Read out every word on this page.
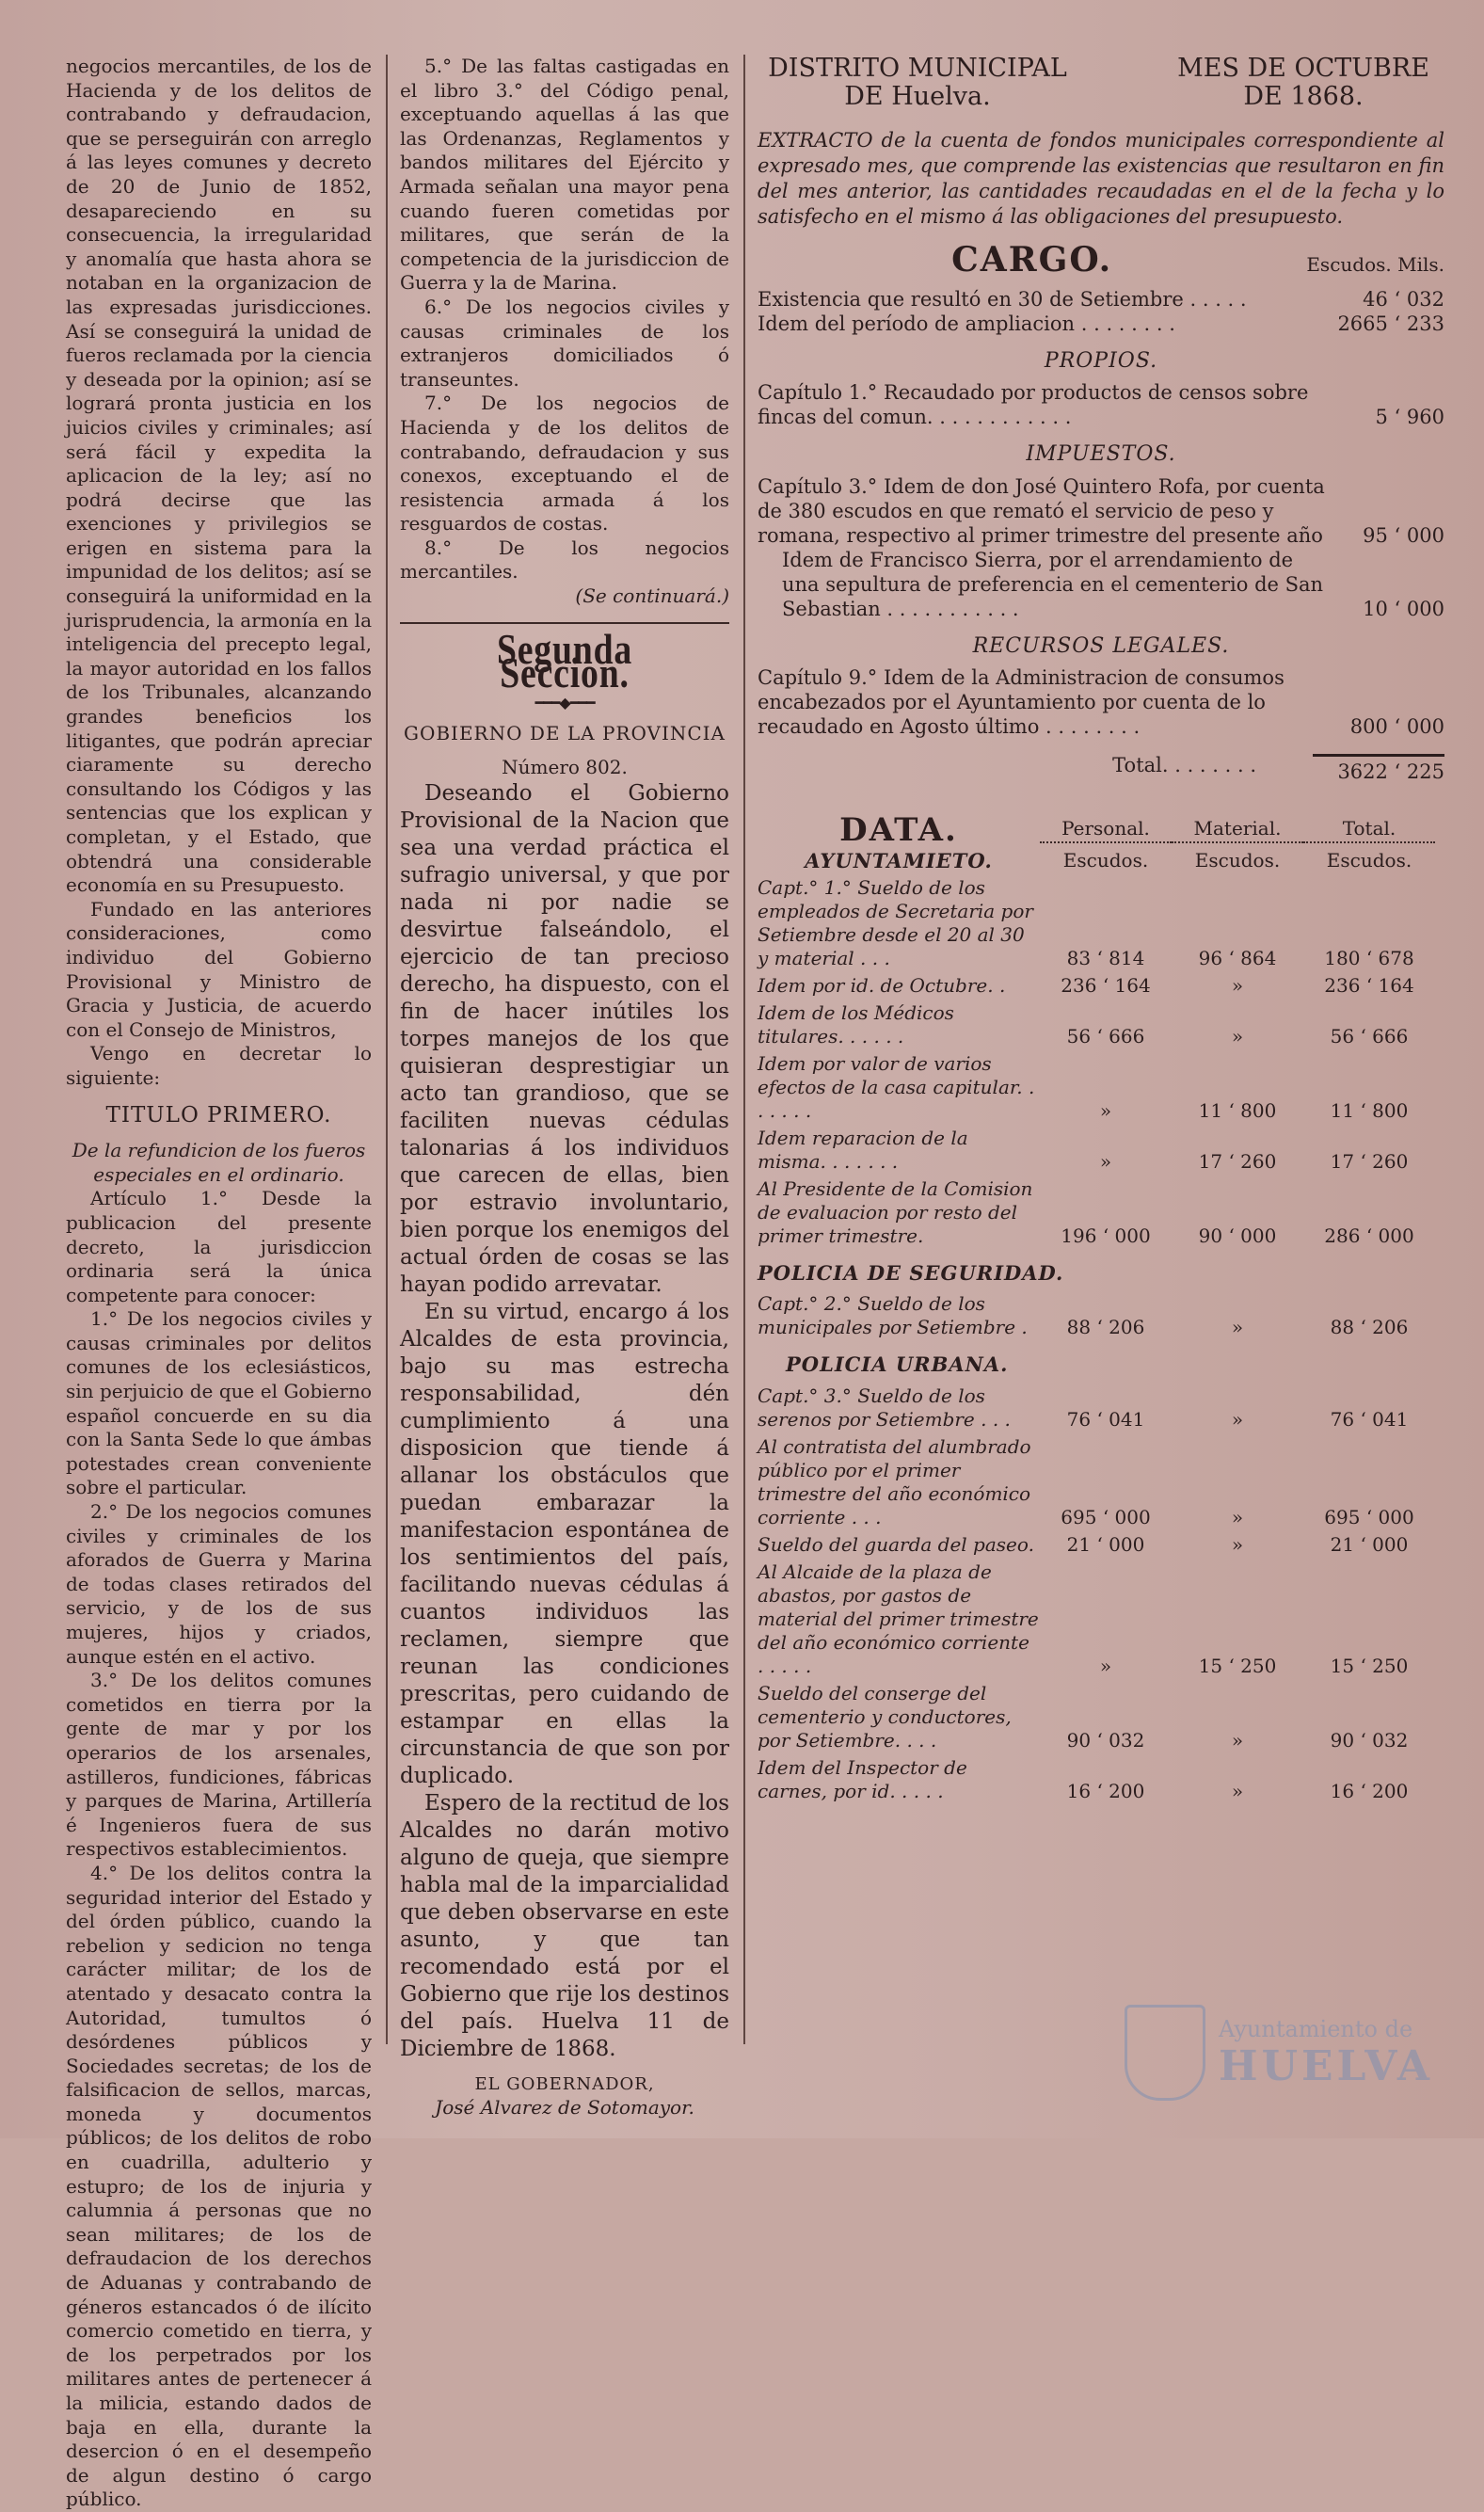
negocios mercantiles, de los de Hacienda y de los delitos de contrabando y defraudacion, que se perseguirán con arreglo á las leyes comunes y decreto de 20 de Junio de 1852, desapareciendo en su consecuencia, la irregularidad y anomalía que hasta ahora se notaban en la organizacion de las expresadas jurisdicciones. Así se conseguirá la unidad de fueros reclamada por la ciencia y deseada por la opinion; así se logrará pronta justicia en los juicios civiles y criminales; así será fácil y expedita la aplicacion de la ley; así no podrá decirse que las exenciones y privilegios se erigen en sistema para la impunidad de los delitos; así se conseguirá la uniformidad en la jurisprudencia, la armonía en la inteligencia del precepto legal, la mayor autoridad en los fallos de los Tribunales, alcanzando grandes beneficios los litigantes, que podrán apreciar ciaramente su derecho consultando los Códigos y las sentencias que los explican y completan, y el Estado, que obtendrá una considerable economía en su Presupuesto.

Fundado en las anteriores consideraciones, como individuo del Gobierno Provisional y Ministro de Gracia y Justicia, de acuerdo con el Consejo de Ministros,

Vengo en decretar lo siguiente:

TITULO PRIMERO.

De la refundicion de los fueros especiales en el ordinario.

Artículo 1.° Desde la publicacion del presente decreto, la jurisdiccion ordinaria será la única competente para conocer:

1.° De los negocios civiles y causas criminales por delitos comunes de los eclesiásticos, sin perjuicio de que el Gobierno español concuerde en su dia con la Santa Sede lo que ámbas potestades crean conveniente sobre el particular.

2.° De los negocios comunes civiles y criminales de los aforados de Guerra y Marina de todas clases retirados del servicio, y de los de sus mujeres, hijos y criados, aunque estén en el activo.

3.° De los delitos comunes cometidos en tierra por la gente de mar y por los operarios de los arsenales, astilleros, fundiciones, fábricas y parques de Marina, Artillería é Ingenieros fuera de sus respectivos establecimientos.

4.° De los delitos contra la seguridad interior del Estado y del órden público, cuando la rebelion y sedicion no tenga carácter militar; de los de atentado y desacato contra la Autoridad, tumultos ó desórdenes públicos y Sociedades secretas; de los de falsificacion de sellos, marcas, moneda y documentos públicos; de los delitos de robo en cuadrilla, adulterio y estupro; de los de injuria y calumnia á personas que no sean militares; de los de defraudacion de los derechos de Aduanas y contrabando de géneros estancados ó de ilícito comercio cometido en tierra, y de los perpetrados por los militares antes de pertenecer á la milicia, estando dados de baja en ella, durante la desercion ó en el desempeño de algun destino ó cargo público.

5.° De las faltas castigadas en el libro 3.° del Código penal, exceptuando aquellas á las que las Ordenanzas, Reglamentos y bandos militares del Ejército y Armada señalan una mayor pena cuando fueren cometidas por militares, que serán de la competencia de la jurisdiccion de Guerra y la de Marina.

6.° De los negocios civiles y causas criminales de los extranjeros domiciliados ó transeuntes.

7.° De los negocios de Hacienda y de los delitos de contrabando, defraudacion y sus conexos, exceptuando el de resistencia armada á los resguardos de costas.

8.° De los negocios mercantiles.

(Se continuará.)

Segunda Seccion.
━━━◆━━━
GOBIERNO DE LA PROVINCIA
Número 802.

Deseando el Gobierno Provisional de la Nacion que sea una verdad práctica el sufragio universal, y que por nada ni por nadie se desvirtue falseándolo, el ejercicio de tan precioso derecho, ha dispuesto, con el fin de hacer inútiles los torpes manejos de los que quisieran desprestigiar un acto tan grandioso, que se faciliten nuevas cédulas talonarias á los individuos que carecen de ellas, bien por estravio involuntario, bien porque los enemigos del actual órden de cosas se las hayan podido arrevatar.

En su virtud, encargo á los Alcaldes de esta provincia, bajo su mas estrecha responsabilidad, dén cumplimiento á una disposicion que tiende á allanar los obstáculos que puedan embarazar la manifestacion espontánea de los sentimientos del país, facilitando nuevas cédulas á cuantos individuos las reclamen, siempre que reunan las condiciones prescritas, pero cuidando de estampar en ellas la circunstancia de que son por duplicado.

Espero de la rectitud de los Alcaldes no darán motivo alguno de queja, que siempre habla mal de la imparcialidad que deben observarse en este asunto, y que tan recomendado está por el Gobierno que rije los destinos del país. Huelva 11 de Diciembre de 1868.

EL GOBERNADOR,
José Alvarez de Sotomayor.
DISTRITO MUNICIPAL DE Huelva.
MES DE OCTUBRE DE 1868.

EXTRACTO de la cuenta de fondos municipales correspondiente al expresado mes, que comprende las existencias que resultaron en fin del mes anterior, las cantidades recaudadas en el de la fecha y lo satisfecho en el mismo á las obligaciones del presupuesto.

CARGO.	Escudos. Mils.
Existencia que resultó en 30 de Setiembre . . . . .	46 ‘ 032
Idem del período de ampliacion . . . . . . . .	2665 ‘ 233
PROPIOS.
Capítulo 1.° Recaudado por productos de censos sobre fincas del comun. . . . . . . . . . . .	5 ‘ 960
IMPUESTOS.
Capítulo 3.° Idem de don José Quintero Rofa, por cuenta de 380 escudos en que remató el servicio de peso y romana, respectivo al primer trimestre del presente año	95 ‘ 000
Idem de Francisco Sierra, por el arrendamiento de una sepultura de preferencia en el cementerio de San Sebastian . . . . . . . . . . .	10 ‘ 000
RECURSOS LEGALES.
Capítulo 9.° Idem de la Administracion de consumos encabezados por el Ayuntamiento por cuenta de lo recaudado en Agosto último . . . . . . . .	800 ‘ 000
Total. . . . . . . .	3622 ‘ 225
DATA.	Personal.	Material.	Total.
AYUNTAMIETO.	Escudos.	Escudos.	Escudos.
Capt.° 1.° Sueldo de los empleados de Secretaria por Setiembre desde el 20 al 30 y material . . .	83 ‘ 814	96 ‘ 864	180 ‘ 678
Idem por id. de Octubre. .	236 ‘ 164	»	236 ‘ 164
Idem de los Médicos titulares. . . . . .	56 ‘ 666	»	56 ‘ 666
Idem por valor de varios efectos de la casa capitular. . . . . . .	»	11 ‘ 800	11 ‘ 800
Idem reparacion de la misma. . . . . . .	»	17 ‘ 260	17 ‘ 260
Al Presidente de la Comision de evaluacion por resto del primer trimestre.	196 ‘ 000	90 ‘ 000	286 ‘ 000
POLICIA DE SEGURIDAD.
Capt.° 2.° Sueldo de los municipales por Setiembre .	88 ‘ 206	»	88 ‘ 206
POLICIA URBANA.
Capt.° 3.° Sueldo de los serenos por Setiembre . . .	76 ‘ 041	»	76 ‘ 041
Al contratista del alumbrado público por el primer trimestre del año económico corriente . . .	695 ‘ 000	»	695 ‘ 000
Sueldo del guarda del paseo.	21 ‘ 000	»	21 ‘ 000
Al Alcaide de la plaza de abastos, por gastos de material del primer trimestre del año económico corriente . . . . .	»	15 ‘ 250	15 ‘ 250
Sueldo del conserge del cementerio y conductores, por Setiembre. . . .	90 ‘ 032	»	90 ‘ 032
Idem del Inspector de carnes, por id. . . . .	16 ‘ 200	»	16 ‘ 200
Ayuntamiento de
HUELVA
